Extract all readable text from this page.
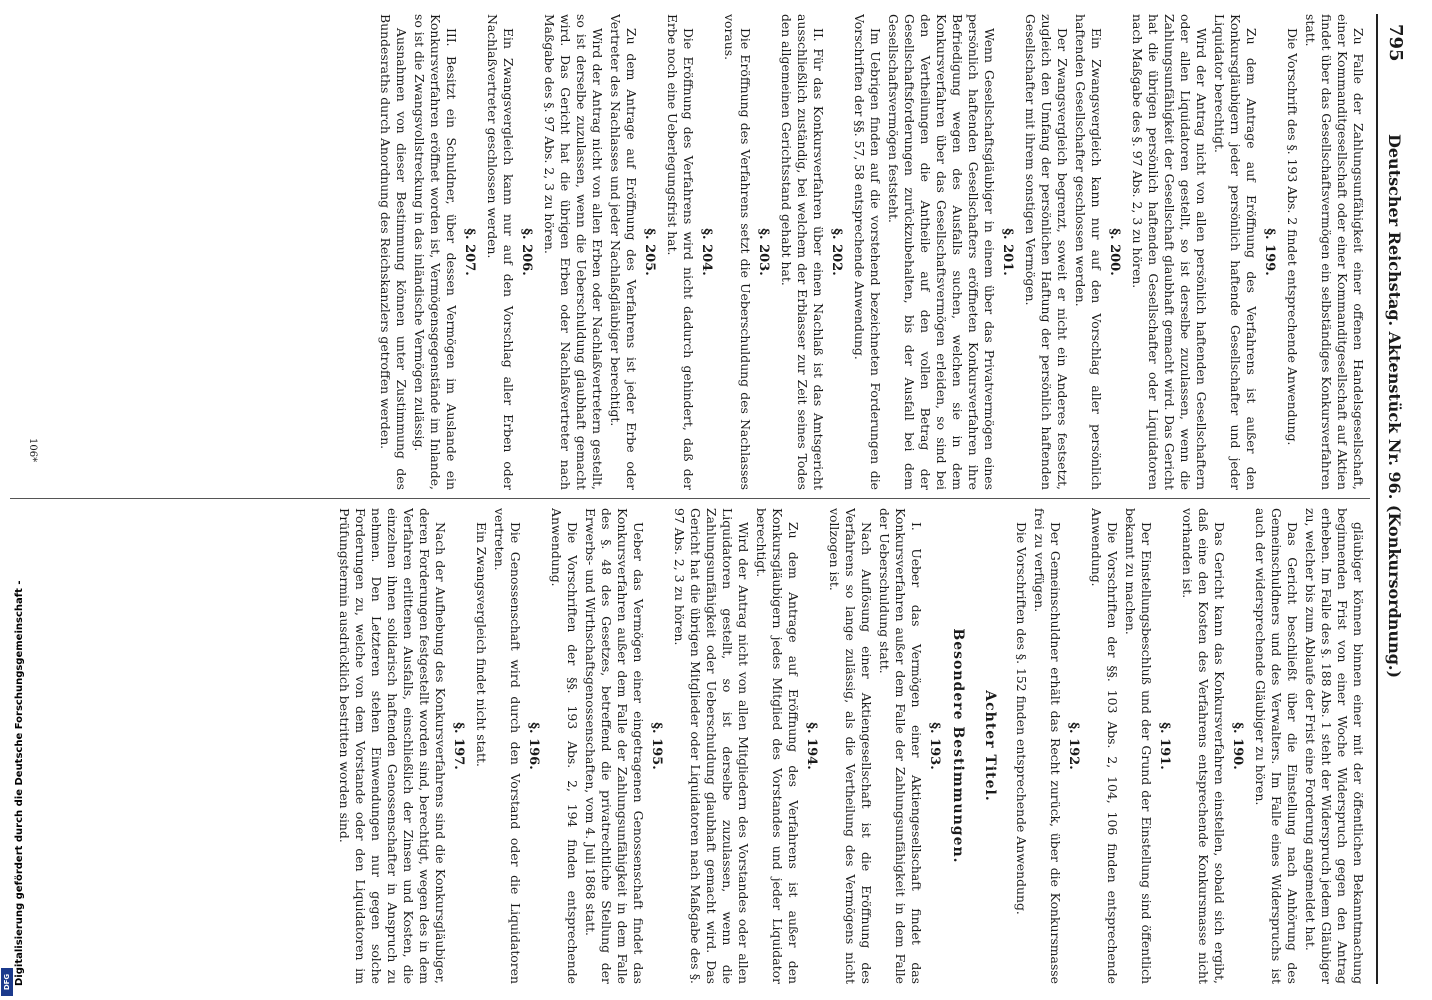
Digitalisierung gefördert durch die Deutsche Forschungsgemeinschaft -
DFG
795
Deutscher Reichstag. Aktenstück Nr. 96. (Konkursordnung.)
Zu Falle der Zahlungsunfähigkeit einer offenen Handelsgesellschaft, einer Kommanditgesellschaft oder einer Kommanditgesellschaft auf Aktien findet über das Gesellschaftsvermögen ein selbständiges Konkursverfahren statt.
Die Vorschrift des §. 193 Abs. 2 findet entsprechende Anwendung.
§. 199.
Zu dem Antrage auf Eröffnung des Verfahrens ist außer den Konkursgläubigern jeder persönlich haftende Gesellschafter und jeder Liquidator berechtigt.
Wird der Antrag nicht von allen persönlich haftenden Gesellschaftern oder allen Liquidatoren gestellt, so ist derselbe zuzulassen, wenn die Zahlungsunfähigkeit der Gesellschaft glaubhaft gemacht wird. Das Gericht hat die übrigen persönlich haftenden Gesellschafter oder Liquidatoren nach Maßgabe des §. 97 Abs. 2, 3 zu hören.
§. 200.
Ein Zwangsvergleich kann nur auf den Vorschlag aller persönlich haftenden Gesellschafter geschlossen werden.
Der Zwangsvergleich begrenzt, soweit er nicht ein Anderes festsetzt, zugleich den Umfang der persönlichen Haftung der persönlich haftenden Gesellschafter mit ihrem sonstigen Vermögen.
§. 201.
Wenn Gesellschaftsgläubiger in einem über das Privatvermögen eines persönlich haftenden Gesellschafters eröffneten Konkursverfahren ihre Befriedigung wegen des Ausfalls suchen, welchen sie in dem Konkursverfahren über das Gesellschaftsvermögen erleiden, so sind bei den Vertheilungen die Antheile auf den vollen Betrag der Gesellschaftsforderungen zurückzubehalten, bis der Ausfall bei dem Gesellschaftsvermögen feststeht.
Im Uebrigen finden auf die vorstehend bezeichneten Forderungen die Vorschriften der §§. 57, 58 entsprechende Anwendung.
§. 202.
II. Für das Konkursverfahren über einen Nachlaß ist das Amtsgericht ausschließlich zuständig, bei welchem der Erblasser zur Zeit seines Todes den allgemeinen Gerichtsstand gehabt hat.
§. 203.
Die Eröffnung des Verfahrens setzt die Ueberschuldung des Nachlasses voraus.
§. 204.
Die Eröffnung des Verfahrens wird nicht dadurch gehindert, daß der Erbe noch eine Ueberlegungsfrist hat.
§. 205.
Zu dem Antrage auf Eröffnung des Verfahrens ist jeder Erbe oder Vertreter des Nachlasses und jeder Nachlaßgläubiger berechtigt.
Wird der Antrag nicht von allen Erben oder Nachlaßvertretern gestellt, so ist derselbe zuzulassen, wenn die Ueberschuldung glaubhaft gemacht wird. Das Gericht hat die übrigen Erben oder Nachlaßvertreter nach Maßgabe des §. 97 Abs. 2, 3 zu hören.
§. 206.
Ein Zwangsvergleich kann nur auf den Vorschlag aller Erben oder Nachlaßvertreter geschlossen werden.
§. 207.
III. Besitzt ein Schuldner, über dessen Vermögen im Auslande ein Konkursverfahren eröffnet worden ist, Vermögensgegenstände im Inlande, so ist die Zwangsvollstreckung in das inländische Vermögen zulässig.
Ausnahmen von dieser Bestimmung können unter Zustimmung des Bundesraths durch Anordnung des Reichskanzlers getroffen werden.
gläubiger können binnen einer mit der öffentlichen Bekanntmachung beginnenden Frist von einer Woche Widerspruch gegen den Antrag erheben. Im Falle des §. 188 Abs. 1 steht der Widerspruch jedem Gläubiger zu, welcher bis zum Ablaufe der Frist eine Forderung angemeldet hat.
Das Gericht beschließt über die Einstellung nach Anhörung des Gemeinschuldners und des Verwalters. Im Falle eines Widerspruchs ist auch der widersprechende Gläubiger zu hören.
§. 190.
Das Gericht kann das Konkursverfahren einstellen, sobald sich ergibt, daß eine den Kosten des Verfahrens entsprechende Konkursmasse nicht vorhanden ist.
§. 191.
Der Einstellungsbeschluß und der Grund der Einstellung sind öffentlich bekannt zu machen.
Die Vorschriften der §§. 103 Abs. 2, 104, 106 finden entsprechende Anwendung.
§. 192.
Der Gemeinschuldner erhält das Recht zurück, über die Konkursmasse frei zu verfügen.
Die Vorschriften des §. 152 finden entsprechende Anwendung.
Achter Titel.
Besondere Bestimmungen.
§. 193.
I. Ueber das Vermögen einer Aktiengesellschaft findet das Konkursverfahren außer dem Falle der Zahlungsunfähigkeit in dem Falle der Ueberschuldung statt.
Nach Auflösung einer Aktiengesellschaft ist die Eröffnung des Verfahrens so lange zulässig, als die Vertheilung des Vermögens nicht vollzogen ist.
§. 194.
Zu dem Antrage auf Eröffnung des Verfahrens ist außer den Konkursgläubigern jedes Mitglied des Vorstandes und jeder Liquidator berechtigt.
Wird der Antrag nicht von allen Mitgliedern des Vorstandes oder allen Liquidatoren gestellt, so ist derselbe zuzulassen, wenn die Zahlungsunfähigkeit oder Ueberschuldung glaubhaft gemacht wird. Das Gericht hat die übrigen Mitglieder oder Liquidatoren nach Maßgabe des §. 97 Abs. 2, 3 zu hören.
§. 195.
Ueber das Vermögen einer eingetragenen Genossenschaft findet das Konkursverfahren außer dem Falle der Zahlungsunfähigkeit in dem Falle des §. 48 des Gesetzes, betreffend die privatrechtliche Stellung der Erwerbs- und Wirthschaftsgenossenschaften, vom 4. Juli 1868 statt.
Die Vorschriften der §§. 193 Abs. 2, 194 finden entsprechende Anwendung.
§. 196.
Die Genossenschaft wird durch den Vorstand oder die Liquidatoren vertreten.
Ein Zwangsvergleich findet nicht statt.
§. 197.
Nach der Aufhebung des Konkursverfahrens sind die Konkursgläubiger, deren Forderungen festgestellt worden sind, berechtigt, wegen des in dem Verfahren erlittenen Ausfalls, einschließlich der Zinsen und Kosten, die einzelnen ihnen solidarisch haftenden Genossenschafter in Anspruch zu nehmen. Den Letzteren stehen Einwendungen nur gegen solche Forderungen zu, welche von dem Vorstande oder den Liquidatoren im Prüfungstermin ausdrücklich bestritten worden sind.
106*
